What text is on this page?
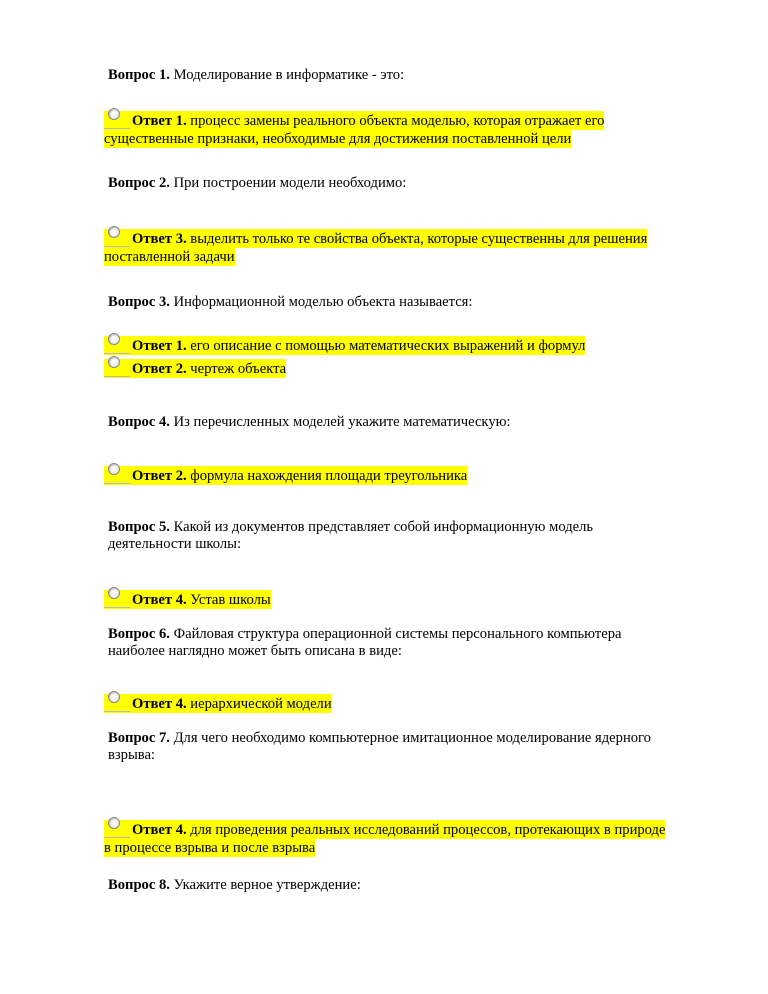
Вопрос 1. Моделирование в информатике - это:
Ответ 1. процесс замены реального объекта моделью, которая отражает его
существенные признаки, необходимые для достижения поставленной цели
Вопрос 2. При построении модели необходимо:
Ответ 3. выделить только те свойства объекта, которые существенны для решения
поставленной задачи
Вопрос 3. Информационной моделью объекта называется:
Ответ 1. его описание с помощью математических выражений и формул
Ответ 2. чертеж объекта
Вопрос 4. Из перечисленных моделей укажите математическую:
Ответ 2. формула нахождения площади треугольника
Вопрос 5. Какой из документов представляет собой информационную модель
деятельности школы:
Ответ 4. Устав школы
Вопрос 6. Файловая структура операционной системы персонального компьютера
наиболее наглядно может быть описана в виде:
Ответ 4. иерархической модели
Вопрос 7. Для чего необходимо компьютерное имитационное моделирование ядерного
взрыва:
Ответ 4. для проведения реальных исследований процессов, протекающих в природе
в процессе взрыва и после взрыва
Вопрос 8. Укажите верное утверждение:
